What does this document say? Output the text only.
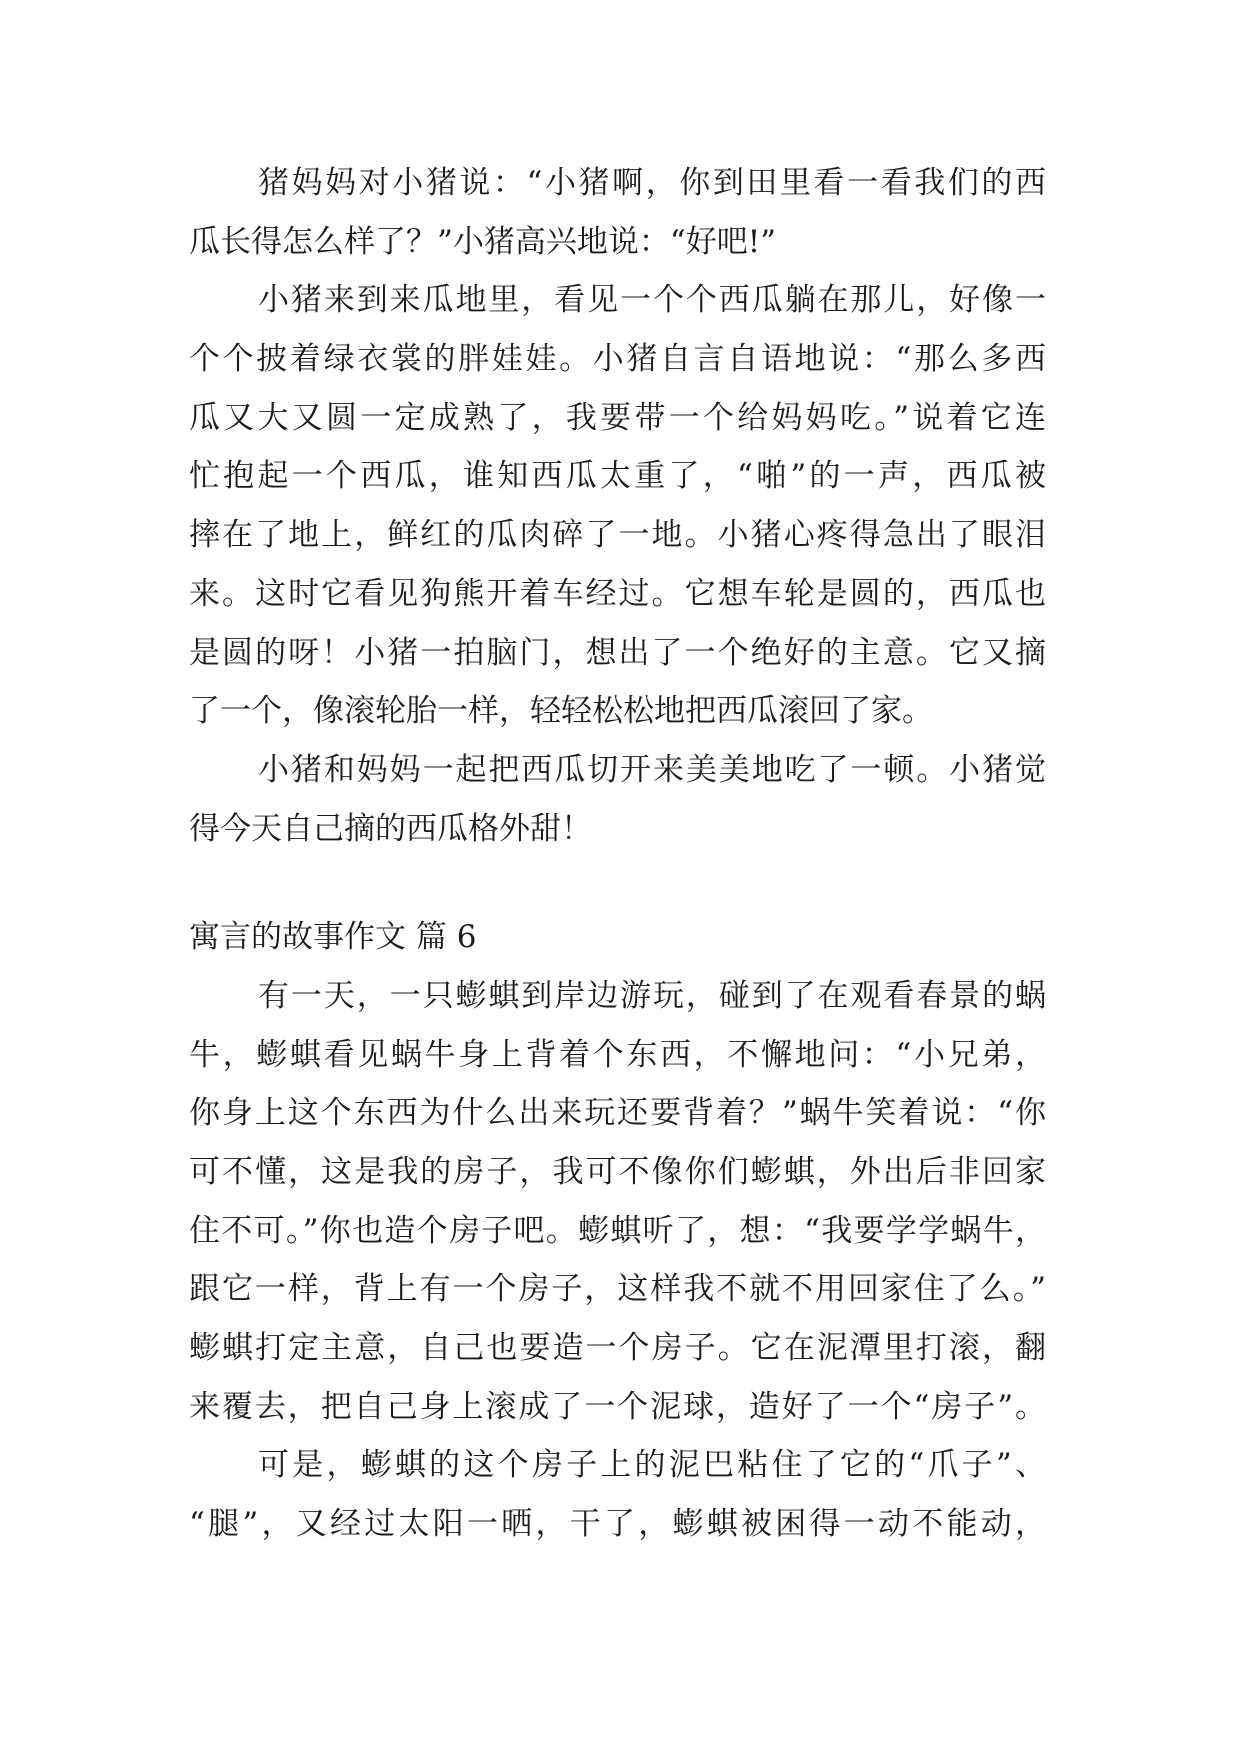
猪妈妈对小猪说：“小猪啊，你到田里看一看我们的西
瓜长得怎么样了？”小猪高兴地说：“好吧!”
小猪来到来瓜地里，看见一个个西瓜躺在那儿，好像一
个个披着绿衣裳的胖娃娃。小猪自言自语地说：“那么多西
瓜又大又圆一定成熟了，我要带一个给妈妈吃。”说着它连
忙抱起一个西瓜，谁知西瓜太重了，“啪”的一声，西瓜被
摔在了地上，鲜红的瓜肉碎了一地。小猪心疼得急出了眼泪
来。这时它看见狗熊开着车经过。它想车轮是圆的，西瓜也
是圆的呀！小猪一拍脑门，想出了一个绝好的主意。它又摘
了一个，像滚轮胎一样，轻轻松松地把西瓜滚回了家。
小猪和妈妈一起把西瓜切开来美美地吃了一顿。小猪觉
得今天自己摘的西瓜格外甜！
寓言的故事作文 篇 6
有一天，一只蟛蜞到岸边游玩，碰到了在观看春景的蜗
牛，蟛蜞看见蜗牛身上背着个东西，不懈地问：“小兄弟，
你身上这个东西为什么出来玩还要背着？”蜗牛笑着说：“你
可不懂，这是我的房子，我可不像你们蟛蜞，外出后非回家
住不可。”你也造个房子吧。蟛蜞听了，想：“我要学学蜗牛，
跟它一样，背上有一个房子，这样我不就不用回家住了么。”
蟛蜞打定主意，自己也要造一个房子。它在泥潭里打滚，翻
来覆去，把自己身上滚成了一个泥球，造好了一个“房子”。
可是，蟛蜞的这个房子上的泥巴粘住了它的“爪子”、
“腿”，又经过太阳一晒，干了，蟛蜞被困得一动不能动，
